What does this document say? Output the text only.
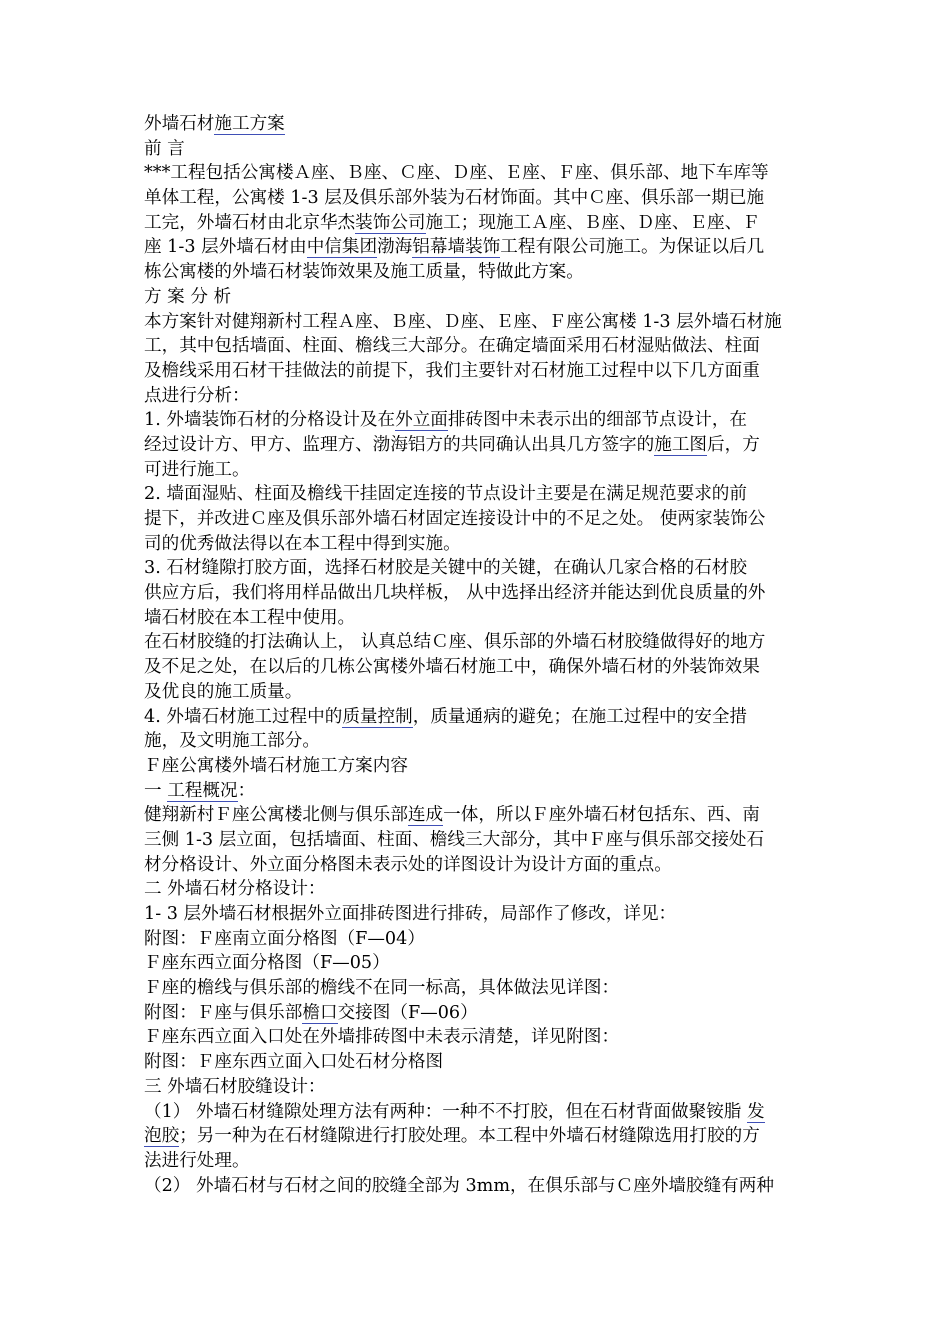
外墙石材施工方案
前 言
***工程包括公寓楼Ａ座、Ｂ座、Ｃ座、Ｄ座、Ｅ座、Ｆ座、俱乐部、地下车库等
单体工程，公寓楼 1-3 层及俱乐部外装为石材饰面。其中Ｃ座、俱乐部一期已施
工完，外墙石材由北京华杰装饰公司施工；现施工Ａ座、Ｂ座、Ｄ座、Ｅ座、Ｆ
座 1-3 层外墙石材由中信集团渤海铝幕墙装饰工程有限公司施工。为保证以后几
栋公寓楼的外墙石材装饰效果及施工质量，特做此方案。
方 案 分 析
本方案针对健翔新村工程Ａ座、Ｂ座、Ｄ座、Ｅ座、Ｆ座公寓楼 1-3 层外墙石材施
工，其中包括墙面、柱面、檐线三大部分。在确定墙面采用石材湿贴做法、柱面
及檐线采用石材干挂做法的前提下，我们主要针对石材施工过程中以下几方面重
点进行分析：
1. 外墙装饰石材的分格设计及在外立面排砖图中未表示出的细部节点设计，在
经过设计方、甲方、监理方、渤海铝方的共同确认出具几方签字的施工图后，方
可进行施工。
2. 墙面湿贴、柱面及檐线干挂固定连接的节点设计主要是在满足规范要求的前
提下，并改进Ｃ座及俱乐部外墙石材固定连接设计中的不足之处。 使两家装饰公
司的优秀做法得以在本工程中得到实施。
3. 石材缝隙打胶方面，选择石材胶是关键中的关键，在确认几家合格的石材胶
供应方后，我们将用样品做出几块样板， 从中选择出经济并能达到优良质量的外
墙石材胶在本工程中使用。
在石材胶缝的打法确认上， 认真总结Ｃ座、俱乐部的外墙石材胶缝做得好的地方
及不足之处，在以后的几栋公寓楼外墙石材施工中，确保外墙石材的外装饰效果
及优良的施工质量。
4. 外墙石材施工过程中的质量控制，质量通病的避免；在施工过程中的安全措
施，及文明施工部分。
Ｆ座公寓楼外墙石材施工方案内容
一 工程概况：
健翔新村Ｆ座公寓楼北侧与俱乐部连成一体，所以Ｆ座外墙石材包括东、西、南
三侧 1-3 层立面，包括墙面、柱面、檐线三大部分，其中Ｆ座与俱乐部交接处石
材分格设计、外立面分格图未表示处的详图设计为设计方面的重点。
二 外墙石材分格设计：
1- 3 层外墙石材根据外立面排砖图进行排砖，局部作了修改，详见：
附图：Ｆ座南立面分格图（F—04）
Ｆ座东西立面分格图（F—05）
Ｆ座的檐线与俱乐部的檐线不在同一标高，具体做法见详图：
附图：Ｆ座与俱乐部檐口交接图（F—06）
Ｆ座东西立面入口处在外墙排砖图中未表示清楚，详见附图：
附图：Ｆ座东西立面入口处石材分格图
三 外墙石材胶缝设计：
（1） 外墙石材缝隙处理方法有两种：一种不不打胶，但在石材背面做聚铵脂 发
泡胶；另一种为在石材缝隙进行打胶处理。本工程中外墙石材缝隙选用打胶的方
法进行处理。
（2） 外墙石材与石材之间的胶缝全部为 3mm，在俱乐部与Ｃ座外墙胶缝有两种
